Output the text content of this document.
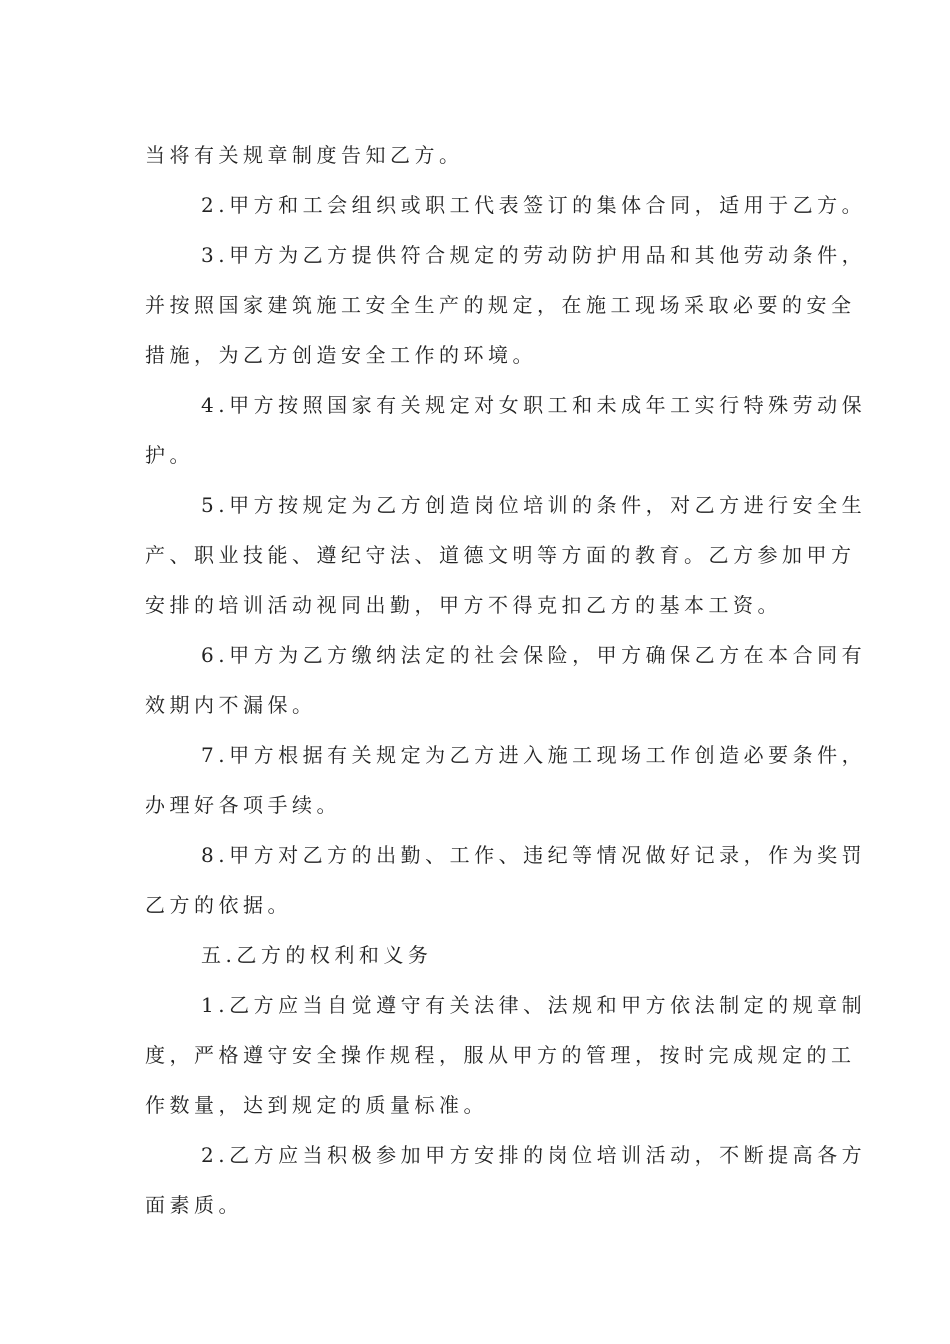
当将有关规章制度告知乙方。
2.甲方和工会组织或职工代表签订的集体合同，适用于乙方。
3.甲方为乙方提供符合规定的劳动防护用品和其他劳动条件，
并按照国家建筑施工安全生产的规定，在施工现场采取必要的安全
措施，为乙方创造安全工作的环境。
4.甲方按照国家有关规定对女职工和未成年工实行特殊劳动保
护。
5.甲方按规定为乙方创造岗位培训的条件，对乙方进行安全生
产、职业技能、遵纪守法、道德文明等方面的教育。乙方参加甲方
安排的培训活动视同出勤，甲方不得克扣乙方的基本工资。
6.甲方为乙方缴纳法定的社会保险，甲方确保乙方在本合同有
效期内不漏保。
7.甲方根据有关规定为乙方进入施工现场工作创造必要条件，
办理好各项手续。
8.甲方对乙方的出勤、工作、违纪等情况做好记录，作为奖罚
乙方的依据。
五.乙方的权利和义务
1.乙方应当自觉遵守有关法律、法规和甲方依法制定的规章制
度，严格遵守安全操作规程，服从甲方的管理，按时完成规定的工
作数量，达到规定的质量标准。
2.乙方应当积极参加甲方安排的岗位培训活动，不断提高各方
面素质。
